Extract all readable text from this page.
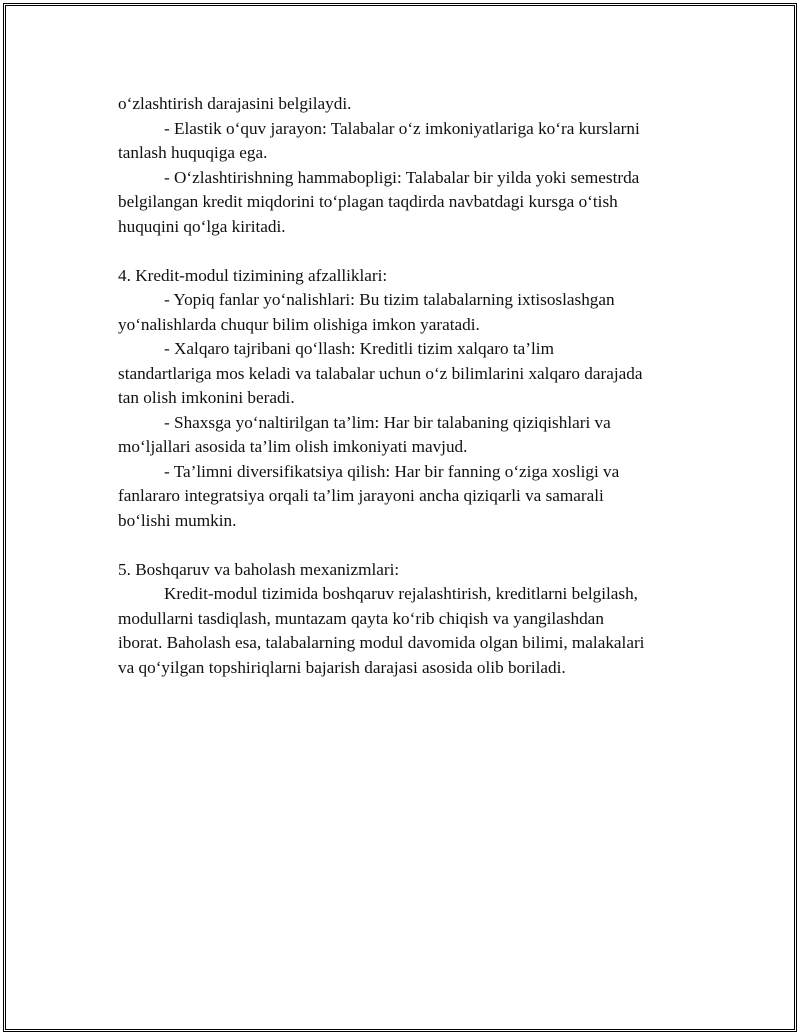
o‘zlashtirish darajasini belgilaydi.
- Elastik o‘quv jarayon: Talabalar o‘z imkoniyatlariga ko‘ra kurslarni
tanlash huquqiga ega.
- O‘zlashtirishning hammabopligi: Talabalar bir yilda yoki semestrda
belgilangan kredit miqdorini to‘plagan taqdirda navbatdagi kursga o‘tish
huquqini qo‘lga kiritadi.
4. Kredit-modul tizimining afzalliklari:
- Yopiq fanlar yo‘nalishlari: Bu tizim talabalarning ixtisoslashgan
yo‘nalishlarda chuqur bilim olishiga imkon yaratadi.
- Xalqaro tajribani qo‘llash: Kreditli tizim xalqaro ta’lim
standartlariga mos keladi va talabalar uchun o‘z bilimlarini xalqaro darajada
tan olish imkonini beradi.
- Shaxsga yo‘naltirilgan ta’lim: Har bir talabaning qiziqishlari va
mo‘ljallari asosida ta’lim olish imkoniyati mavjud.
- Ta’limni diversifikatsiya qilish: Har bir fanning o‘ziga xosligi va
fanlararo integratsiya orqali ta’lim jarayoni ancha qiziqarli va samarali
bo‘lishi mumkin.
5. Boshqaruv va baholash mexanizmlari:
Kredit-modul tizimida boshqaruv rejalashtirish, kreditlarni belgilash,
modullarni tasdiqlash, muntazam qayta ko‘rib chiqish va yangilashdan
iborat. Baholash esa, talabalarning modul davomida olgan bilimi, malakalari
va qo‘yilgan topshiriqlarni bajarish darajasi asosida olib boriladi.
